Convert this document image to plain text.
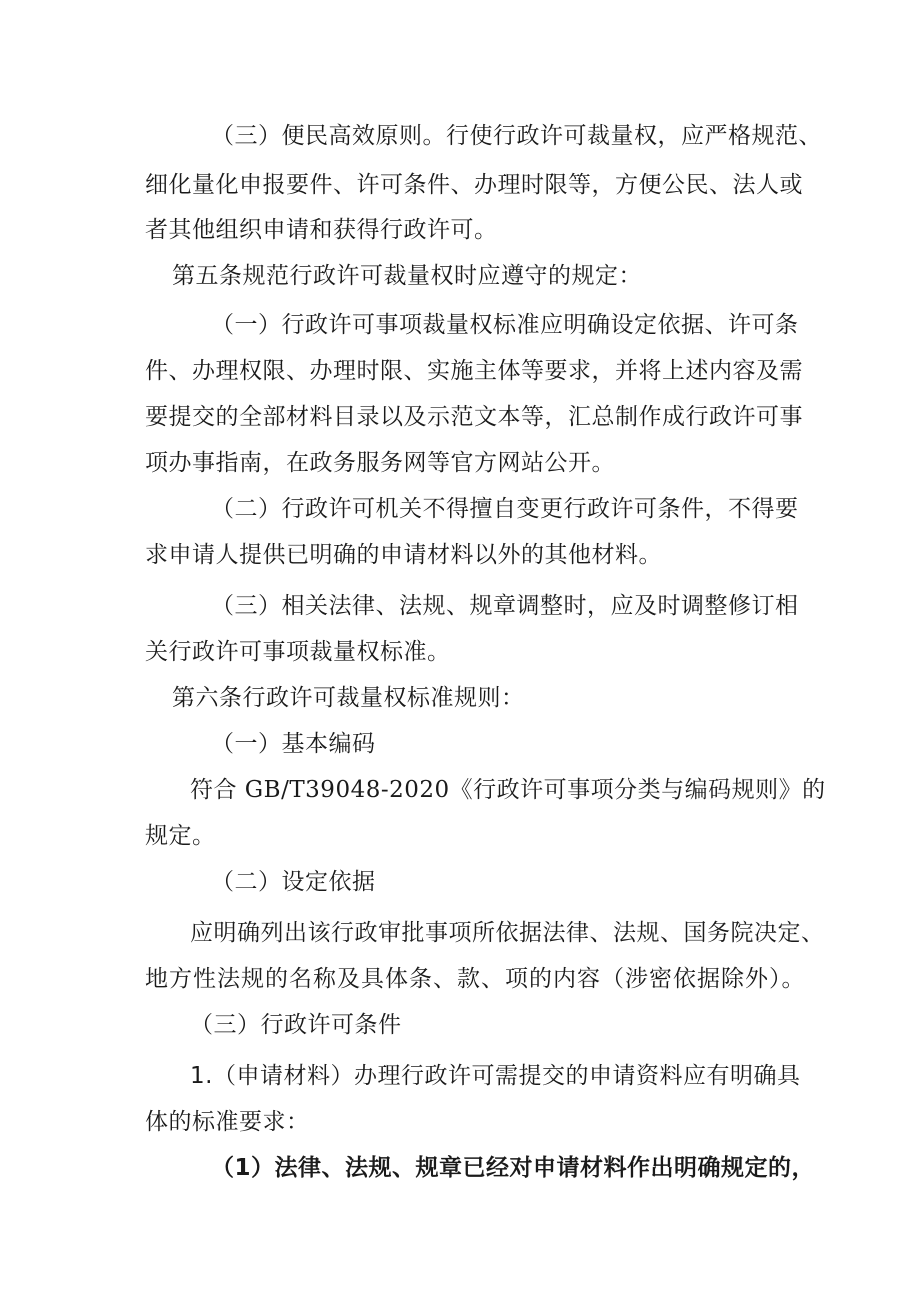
（三）便民高效原则。行使行政许可裁量权，应严格规范、
细化量化申报要件、许可条件、办理时限等，方便公民、法人或
者其他组织申请和获得行政许可。
第五条规范行政许可裁量权时应遵守的规定：
（一）行政许可事项裁量权标准应明确设定依据、许可条
件、办理权限、办理时限、实施主体等要求，并将上述内容及需
要提交的全部材料目录以及示范文本等，汇总制作成行政许可事
项办事指南，在政务服务网等官方网站公开。
（二）行政许可机关不得擅自变更行政许可条件，不得要
求申请人提供已明确的申请材料以外的其他材料。
（三）相关法律、法规、规章调整时，应及时调整修订相
关行政许可事项裁量权标准。
第六条行政许可裁量权标准规则：
（一）基本编码
符合 GB/T39048-2020《行政许可事项分类与编码规则》的
规定。
（二）设定依据
应明确列出该行政审批事项所依据法律、法规、国务院决定、
地方性法规的名称及具体条、款、项的内容（涉密依据除外）。
（三）行政许可条件
1.（申请材料）办理行政许可需提交的申请资料应有明确具
体的标准要求：
（1）法律、法规、规章已经对申请材料作出明确规定的，
